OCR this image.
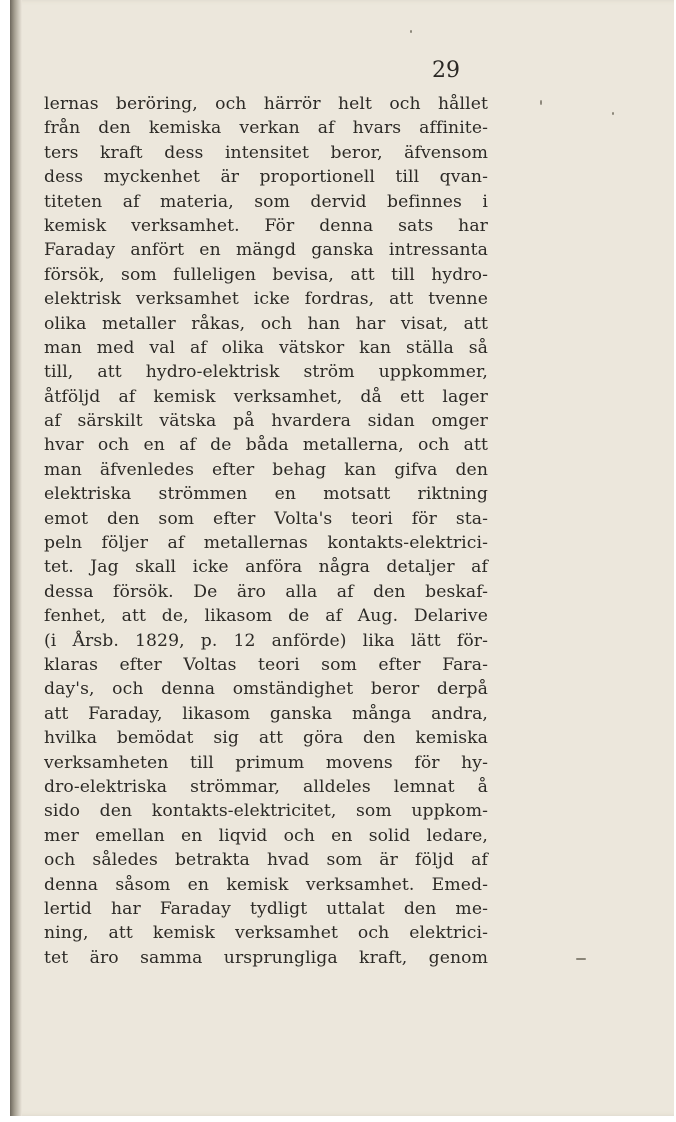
29
lernas beröring, och härrör helt och hållet
från den kemiska verkan af hvars affinite-
ters kraft dess intensitet beror, äfvensom
dess myckenhet är proportionell till qvan-
titeten af materia, som dervid befinnes i
kemisk verksamhet. För denna sats har
Faraday anfört en mängd ganska intressanta
försök, som fulleligen bevisa, att till hydro-
elektrisk verksamhet icke fordras, att tvenne
olika metaller råkas, och han har visat, att
man med val af olika vätskor kan ställa så
till, att hydro-elektrisk ström uppkommer,
åtföljd af kemisk verksamhet, då ett lager
af särskilt vätska på hvardera sidan omger
hvar och en af de båda metallerna, och att
man äfvenledes efter behag kan gifva den
elektriska strömmen en motsatt riktning
emot den som efter Volta's teori för sta-
peln följer af metallernas kontakts-elektrici-
tet. Jag skall icke anföra några detaljer af
dessa försök. De äro alla af den beskaf-
fenhet, att de, likasom de af Aug. Delarive
(i Årsb. 1829, p. 12 anförde) lika lätt för-
klaras efter Voltas teori som efter Fara-
day's, och denna omständighet beror derpå
att Faraday, likasom ganska många andra,
hvilka bemödat sig att göra den kemiska
verksamheten till primum movens för hy-
dro-elektriska strömmar, alldeles lemnat å
sido den kontakts-elektricitet, som uppkom-
mer emellan en liqvid och en solid ledare,
och således betrakta hvad som är följd af
denna såsom en kemisk verksamhet. Emed-
lertid har Faraday tydligt uttalat den me-
ning, att kemisk verksamhet och elektrici-
tet äro samma ursprungliga kraft, genom
